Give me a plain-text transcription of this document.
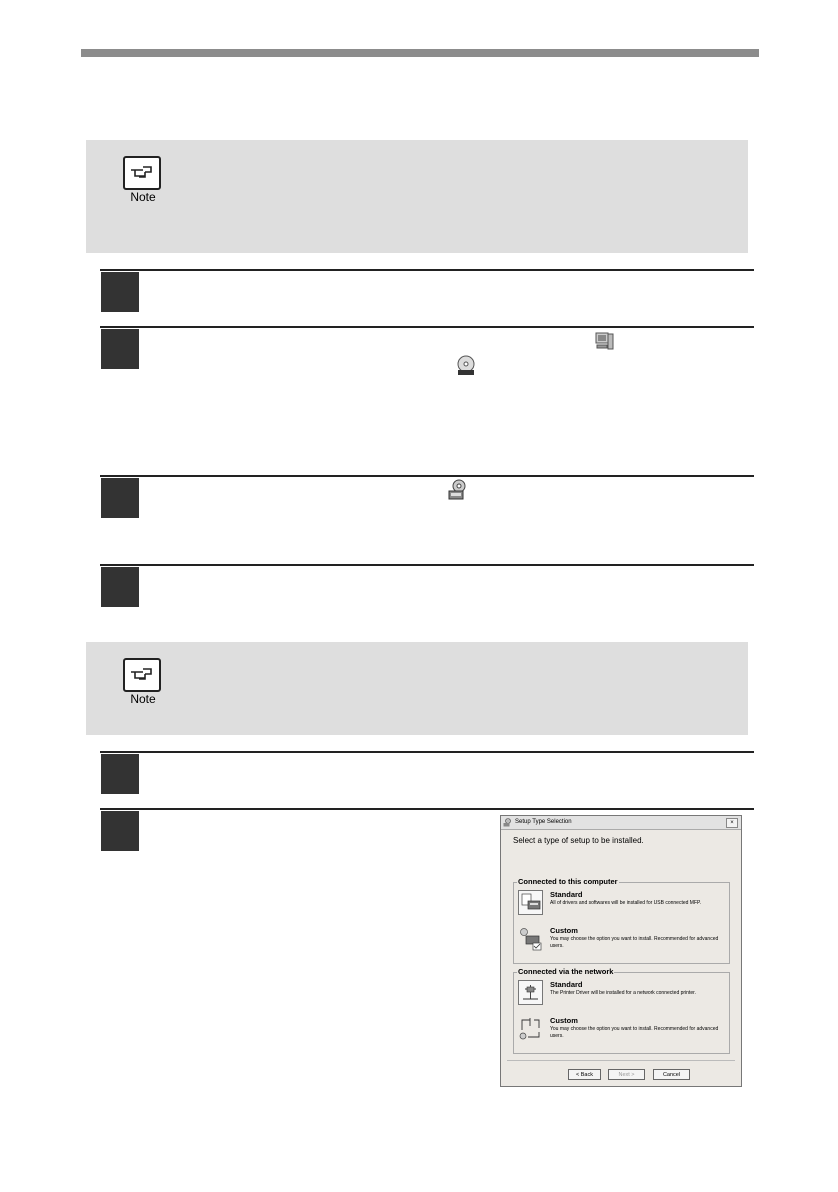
Note
Note
Setup Type Selection	×
Select a type of setup to be installed.
Connected to this computer
Standard
All of drivers and softwares will be installed for USB connected MFP.
Custom
You may choose the option you want to install. Recommended for advanced users.
Connected via the network
Standard
The Printer Driver will be installed for a network connected printer.
Custom
You may choose the option you want to install. Recommended for advanced users.
< Back	Next >	Cancel
